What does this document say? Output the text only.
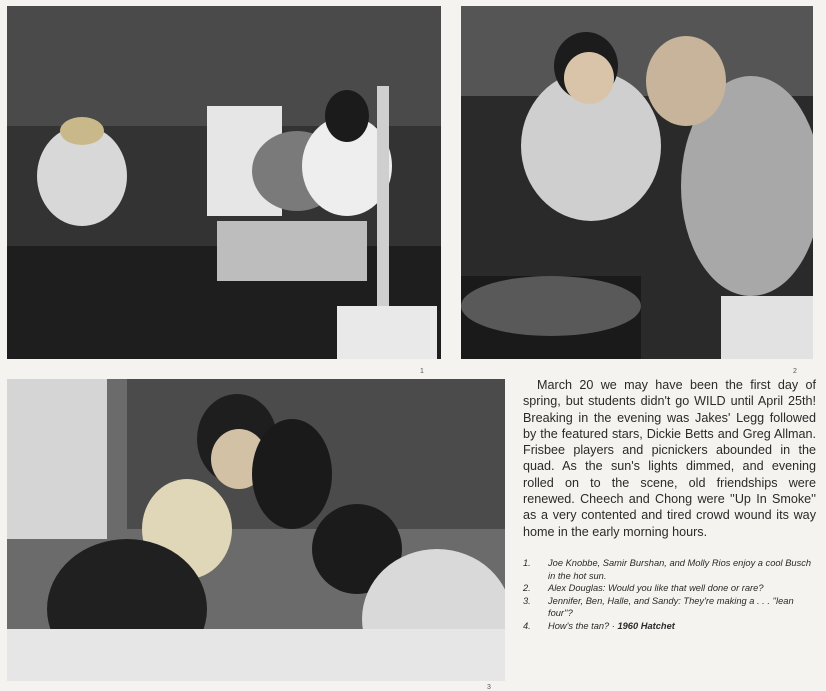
1	2
3

March 20 we may have been the first day of spring, but students didn't go WILD until April 25th! Breaking in the evening was Jakes' Legg followed by the featured stars, Dickie Betts and Greg Allman. Frisbee players and picnickers abounded in the quad. As the sun's lights dimmed, and evening rolled on to the scene, old friendships were renewed. Cheech and Chong were ''Up In Smoke'' as a very contented and tired crowd wound its way home in the early morning hours.

1. Joe Knobbe, Samir Burshan, and Molly Rios enjoy a cool Busch in the hot sun.
2. Alex Douglas: Would you like that well done or rare?
3. Jennifer, Ben, Halle, and Sandy: They're making a . . . ''lean four''?
4. How's the tan? · 1960 Hatchet
